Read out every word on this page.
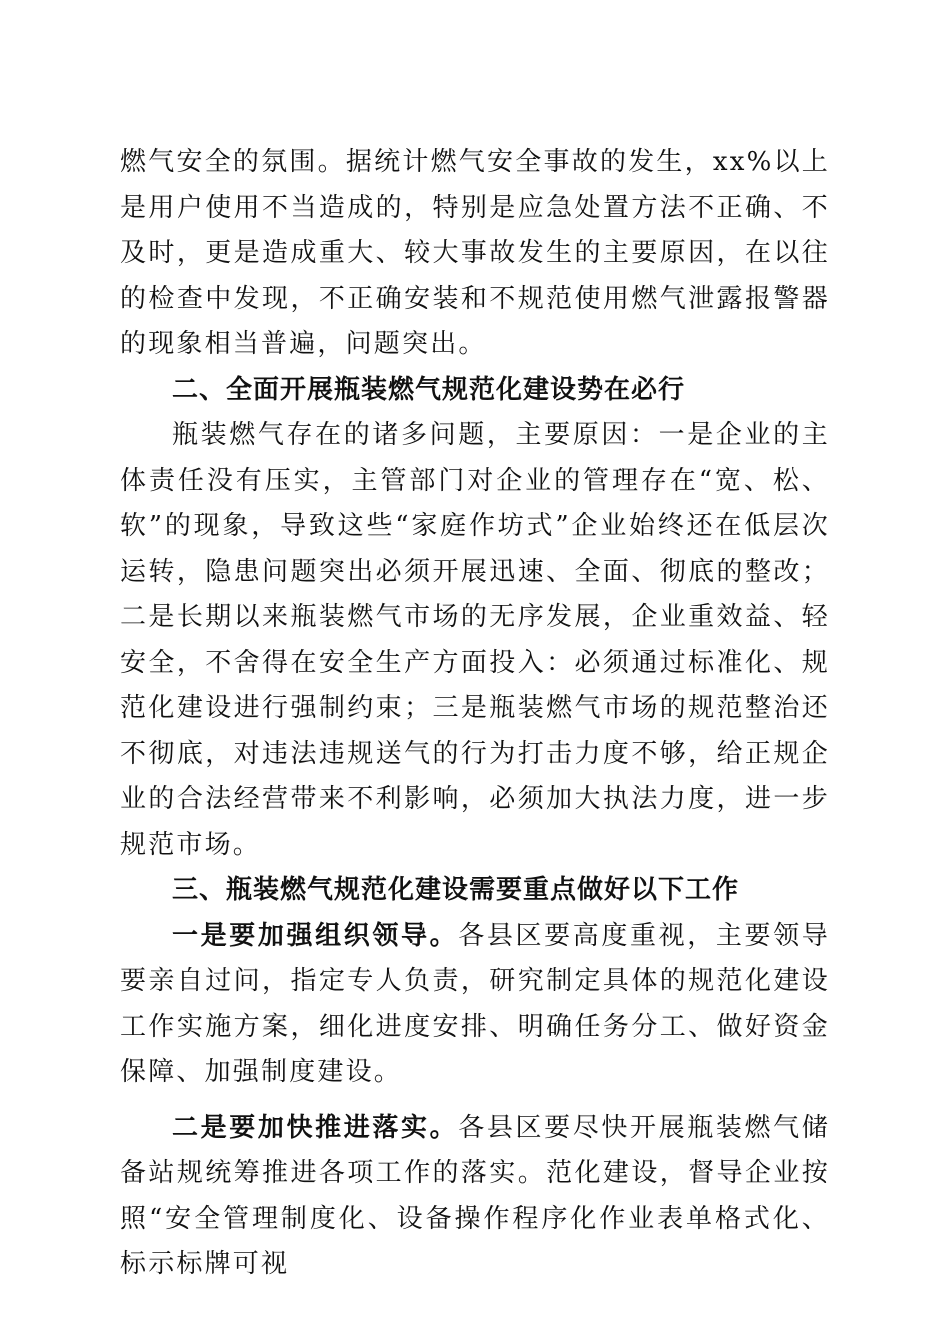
燃气安全的氛围。据统计燃气安全事故的发生，xx%以上是用户使用不当造成的，特别是应急处置方法不正确、不及时，更是造成重大、较大事故发生的主要原因，在以往的检查中发现，不正确安装和不规范使用燃气泄露报警器的现象相当普遍，问题突出。

二、全面开展瓶装燃气规范化建设势在必行

瓶装燃气存在的诸多问题，主要原因：一是企业的主体责任没有压实，主管部门对企业的管理存在“宽、松、软”的现象，导致这些“家庭作坊式”企业始终还在低层次运转，隐患问题突出必须开展迅速、全面、彻底的整改；二是长期以来瓶装燃气市场的无序发展，企业重效益、轻安全，不舍得在安全生产方面投入：必须通过标准化、规范化建设进行强制约束；三是瓶装燃气市场的规范整治还不彻底，对违法违规送气的行为打击力度不够，给正规企业的合法经营带来不利影响，必须加大执法力度，进一步规范市场。

三、瓶装燃气规范化建设需要重点做好以下工作

一是要加强组织领导。各县区要高度重视，主要领导要亲自过问，指定专人负责，研究制定具体的规范化建设工作实施方案，细化进度安排、明确任务分工、做好资金保障、加强制度建设。

二是要加快推进落实。各县区要尽快开展瓶装燃气储备站规统筹推进各项工作的落实。范化建设，督导企业按照“安全管理制度化、设备操作程序化作业表单格式化、标示标牌可视
